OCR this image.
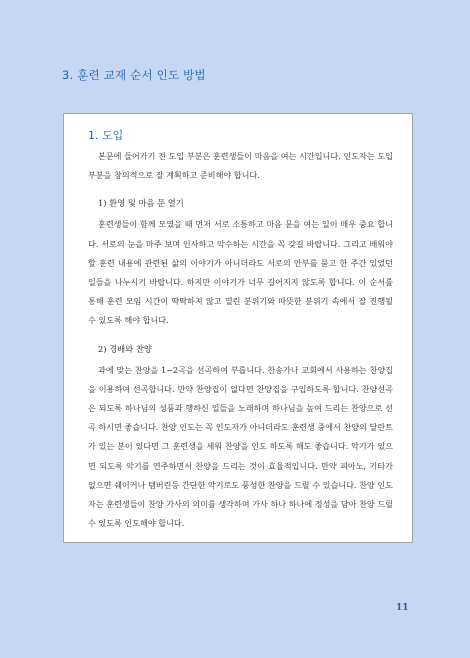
3. 훈련 교재 순서 인도 방법
1. 도입

본문에 들어가기 전 도입 부분은 훈련생들이 마음을 여는 시간입니다. 인도자는 도입부분을 창의적으로 잘 계획하고 준비해야 합니다.

1) 환영 및 마음 문 열기

훈련생들이 함께 모였을 때 먼저 서로 소통하고 마음 문을 여는 일이 매우 중요 합니다. 서로의 눈을 마주 보며 인사하고 악수하는 시간을 꼭 갖길 바랍니다. 그리고 배워야할 훈련 내용에 관련된 삶의 이야기가 아니더라도 서로의 안부를 묻고 한 주간 있었던 일들을 나누시기 바랍니다. 하지만 이야기가 너무 길어지지 않도록 합니다. 이 순서를 통해 훈련 모임 시간이 딱딱하지 않고 열린 분위기와 따뜻한 분위기 속에서 잘 진행될 수 있도록 해야 합니다.

2) 경배와 찬양

과에 맞는 찬양을 1~2곡을 선곡하여 부릅니다. 찬송가나 교회에서 사용하는 찬양집을 이용하여 선곡합니다. 만약 찬양집이 없다면 찬양집을 구입하도록 합니다. 찬양선곡은 되도록 하나님의 성품과 행하신 일들을 노래하며 하나님을 높여 드리는 찬양으로 선곡 하시면 좋습니다. 찬양 인도는 꼭 인도자가 아니더라도 훈련생 중에서 찬양의 달란트가 있는 분이 있다면 그 훈련생을 세워 찬양을 인도 하도록 해도 좋습니다. 악기가 있으면 되도록 악기를 연주하면서 찬양을 드리는 것이 효율적입니다. 만약 피아노, 기타가 없으면 쉐이커나 템버린등 간단한 악기로도 풍성한 찬양을 드릴 수 있습니다. 찬양 인도자는 훈련생들이 찬양 가사의 의미를 생각하며 가사 하나 하나에 정성을 담아 찬양 드릴 수 있도록 인도해야 합니다.

11
